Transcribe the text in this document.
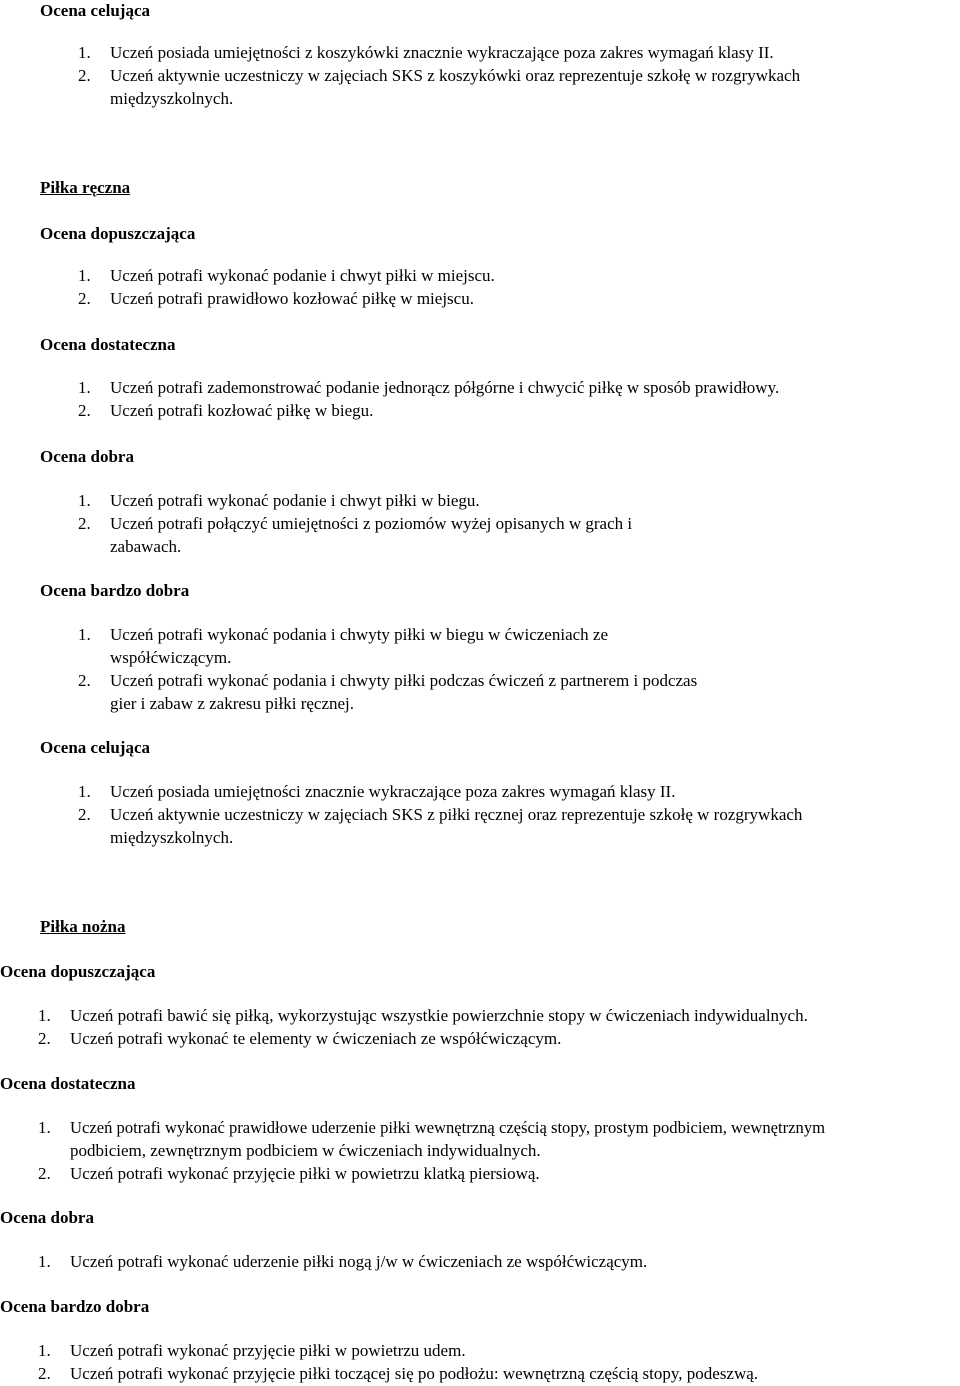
Ocena celująca
1. Uczeń posiada umiejętności z koszykówki znacznie wykraczające poza zakres wymagań klasy II.
2. Uczeń aktywnie uczestniczy w zajęciach SKS z koszykówki oraz reprezentuje szkołę w rozgrywkach
międzyszkolnych.
Piłka ręczna
Ocena dopuszczająca
1. Uczeń potrafi wykonać podanie i chwyt piłki w miejscu.
2. Uczeń potrafi prawidłowo kozłować piłkę w miejscu.
Ocena dostateczna
1. Uczeń potrafi zademonstrować podanie jednorącz półgórne i chwycić piłkę w sposób prawidłowy.
2. Uczeń potrafi kozłować piłkę w biegu.
Ocena dobra
1. Uczeń potrafi wykonać podanie i chwyt piłki w biegu.
2. Uczeń potrafi połączyć umiejętności z poziomów wyżej opisanych w grach i
zabawach.
Ocena bardzo dobra
1. Uczeń potrafi wykonać podania i chwyty piłki w biegu w ćwiczeniach ze
współćwiczącym.
2. Uczeń potrafi wykonać podania i chwyty piłki podczas ćwiczeń z partnerem i podczas
gier i zabaw z zakresu piłki ręcznej.
Ocena celująca
1. Uczeń posiada umiejętności znacznie wykraczające poza zakres wymagań klasy II.
2. Uczeń aktywnie uczestniczy w zajęciach SKS z piłki ręcznej oraz reprezentuje szkołę w rozgrywkach
międzyszkolnych.
Piłka nożna
Ocena dopuszczająca
1. Uczeń potrafi bawić się piłką, wykorzystując wszystkie powierzchnie stopy w ćwiczeniach indywidualnych.
2. Uczeń potrafi wykonać te elementy w ćwiczeniach ze współćwiczącym.
Ocena dostateczna
1. Uczeń potrafi wykonać prawidłowe uderzenie piłki wewnętrzną częścią stopy, prostym podbiciem, wewnętrznym
podbiciem, zewnętrznym podbiciem w ćwiczeniach indywidualnych.
2. Uczeń potrafi wykonać przyjęcie piłki w powietrzu klatką piersiową.
Ocena dobra
1. Uczeń potrafi wykonać uderzenie piłki nogą j/w w ćwiczeniach ze współćwiczącym.
Ocena bardzo dobra
1. Uczeń potrafi wykonać przyjęcie piłki w powietrzu udem.
2. Uczeń potrafi wykonać przyjęcie piłki toczącej się po podłożu: wewnętrzną częścią stopy, podeszwą.
